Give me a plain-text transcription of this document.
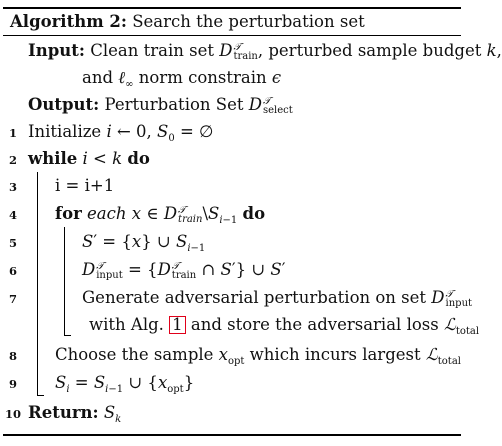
Algorithm 2: Search the perturbation set
Input: Clean train set D 𝒯
train , perturbed sample budget k,
and ℓ$_\infty$ norm constrain ϵ
Output: Perturbation Set D 𝒯
select
1 Initialize i ← 0, $S_0$ = ∅
2 while i < k do
3 i = i+1
4 for each x ∈ D 𝒯
train $\backslash S_{i-1}$ do
5	S′ = {x} ∪ $S_{i-1}$
6	D 𝒯
input = {D 𝒯
train ∩ S′} ∪ S′
7	Generate adversarial perturbation on set D 𝒯
input
with Alg. 1 and store the adversarial loss ℒ$_{total}$
8 Choose the sample $x_{opt}$ which incurs largest ℒ$_{total}$
9 $S_i = S_{i-1}$ ∪ $\{x_{opt}\}$
10 Return: $S_k$
